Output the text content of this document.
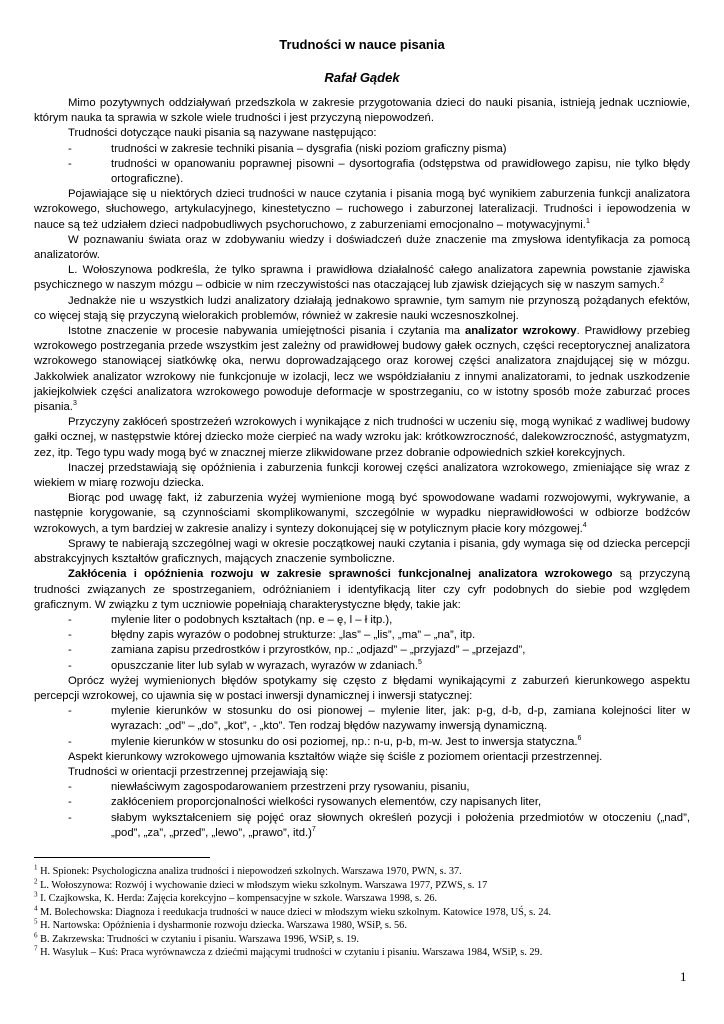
Trudności w nauce pisania
Rafał Gądek

Mimo pozytywnych oddziaływań przedszkola w zakresie przygotowania dzieci do nauki pisania, istnieją jednak uczniowie, którym nauka ta sprawia w szkole wiele trudności i jest przyczyną niepowodzeń.

Trudności dotyczące nauki pisania są nazywane następująco:

- trudności w zakresie techniki pisania – dysgrafia (niski poziom graficzny pisma)

- trudności w opanowaniu poprawnej pisowni – dysortografia (odstępstwa od prawidłowego zapisu, nie tylko błędy ortograficzne).

Pojawiające się u niektórych dzieci trudności w nauce czytania i pisania mogą być wynikiem zaburzenia funkcji analizatora wzrokowego, słuchowego, artykulacyjnego, kinestetyczno – ruchowego i zaburzonej lateralizacji. Trudności i iepowodzenia w nauce są też udziałem dzieci nadpobudliwych psychoruchowo, z zaburzeniami emocjonalno – motywacyjnymi.$^1$

W poznawaniu świata oraz w zdobywaniu wiedzy i doświadczeń duże znaczenie ma zmysłowa identyfikacja za pomocą analizatorów.

L. Wołoszynowa podkreśla, że tylko sprawna i prawidłowa działalność całego analizatora zapewnia powstanie zjawiska psychicznego w naszym mózgu – odbicie w nim rzeczywistości nas otaczającej lub zjawisk dziejących się w naszym samych.$^2$

Jednakże nie u wszystkich ludzi analizatory działają jednakowo sprawnie, tym samym nie przynoszą pożądanych efektów, co więcej stają się przyczyną wielorakich problemów, również w zakresie nauki wczesnoszkolnej.

Istotne znaczenie w procesie nabywania umiejętności pisania i czytania ma analizator wzrokowy. Prawidłowy przebieg wzrokowego postrzegania przede wszystkim jest zależny od prawidłowej budowy gałek ocznych, części receptorycznej analizatora wzrokowego stanowiącej siatkówkę oka, nerwu doprowadzającego oraz korowej części analizatora znajdującej się w mózgu. Jakkolwiek analizator wzrokowy nie funkcjonuje w izolacji, lecz we współdziałaniu z innymi analizatorami, to jednak uszkodzenie jakiejkolwiek części analizatora wzrokowego powoduje deformacje w spostrzeganiu, co w istotny sposób może zaburzać proces pisania.$^3$

Przyczyny zakłóceń spostrzeżeń wzrokowych i wynikające z nich trudności w uczeniu się, mogą wynikać z wadliwej budowy gałki ocznej, w następstwie której dziecko może cierpieć na wady wzroku jak: krótkowzroczność, dalekowzroczność, astygmatyzm, zez, itp. Tego typu wady mogą być w znacznej mierze zlikwidowane przez dobranie odpowiednich szkieł korekcyjnych.

Inaczej przedstawiają się opóźnienia i zaburzenia funkcji korowej części analizatora wzrokowego, zmieniające się wraz z wiekiem w miarę rozwoju dziecka.

Biorąc pod uwagę fakt, iż zaburzenia wyżej wymienione mogą być spowodowane wadami rozwojowymi, wykrywanie, a następnie korygowanie, są czynnościami skomplikowanymi, szczególnie w wypadku nieprawidłowości w odbiorze bodźców wzrokowych, a tym bardziej w zakresie analizy i syntezy dokonującej się w potylicznym płacie kory mózgowej.$^4$

Sprawy te nabierają szczególnej wagi w okresie początkowej nauki czytania i pisania, gdy wymaga się od dziecka percepcji abstrakcyjnych kształtów graficznych, mających znaczenie symboliczne.

Zakłócenia i opóźnienia rozwoju w zakresie sprawności funkcjonalnej analizatora wzrokowego są przyczyną trudności związanych ze spostrzeganiem, odróżnianiem i identyfikacją liter czy cyfr podobnych do siebie pod względem graficznym. W związku z tym uczniowie popełniają charakterystyczne błędy, takie jak:

- mylenie liter o podobnych kształtach (np. e – ę, l – ł itp.),

- błędny zapis wyrazów o podobnej strukturze: „las” – „lis”, „ma” – „na”, itp.

- zamiana zapisu przedrostków i przyrostków, np.: „odjazd” – „przyjazd” – „przejazd”,

- opuszczanie liter lub sylab w wyrazach, wyrazów w zdaniach.$^5$

Oprócz wyżej wymienionych błędów spotykamy się często z błędami wynikającymi z zaburzeń kierunkowego aspektu percepcji wzrokowej, co ujawnia się w postaci inwersji dynamicznej i inwersji statycznej:

- mylenie kierunków w stosunku do osi pionowej – mylenie liter, jak: p-g, d-b, d-p, zamiana kolejności liter w wyrazach: „od” – „do”, „kot”, - „kto”. Ten rodzaj błędów nazywamy inwersją dynamiczną.

- mylenie kierunków w stosunku do osi poziomej, np.: n-u, p-b, m-w. Jest to inwersja statyczna.$^6$

Aspekt kierunkowy wzrokowego ujmowania kształtów wiąże się ściśle z poziomem orientacji przestrzennej.

Trudności w orientacji przestrzennej przejawiają się:

- niewłaściwym zagospodarowaniem przestrzeni przy rysowaniu, pisaniu,

- zakłóceniem proporcjonalności wielkości rysowanych elementów, czy napisanych liter,

- słabym wykształceniem się pojęć oraz słownych określeń pozycji i położenia przedmiotów w otoczeniu („nad”, „pod”, „za”, „przed”, „lewo”, „prawo”, itd.)$^7$

$^1$ H. Spionek: Psychologiczna analiza trudności i niepowodzeń szkolnych. Warszawa 1970, PWN, s. 37.

$^2$ L. Wołoszynowa: Rozwój i wychowanie dzieci w młodszym wieku szkolnym. Warszawa 1977, PZWS, s. 17

$^3$ I. Czajkowska, K. Herda: Zajęcia korekcyjno – kompensacyjne w szkole. Warszawa 1998, s. 26.

$^4$ M. Bolechowska: Diagnoza i reedukacja trudności w nauce dzieci w młodszym wieku szkolnym. Katowice 1978, UŚ, s. 24.

$^5$ H. Nartowska: Opóźnienia i dysharmonie rozwoju dziecka. Warszawa 1980, WSiP, s. 56.

$^6$ B. Zakrzewska: Trudności w czytaniu i pisaniu. Warszawa 1996, WSiP, s. 19.

$^7$ H. Wasyluk – Kuś: Praca wyrównawcza z dziećmi mającymi trudności w czytaniu i pisaniu. Warszawa 1984, WSiP, s. 29.

1
